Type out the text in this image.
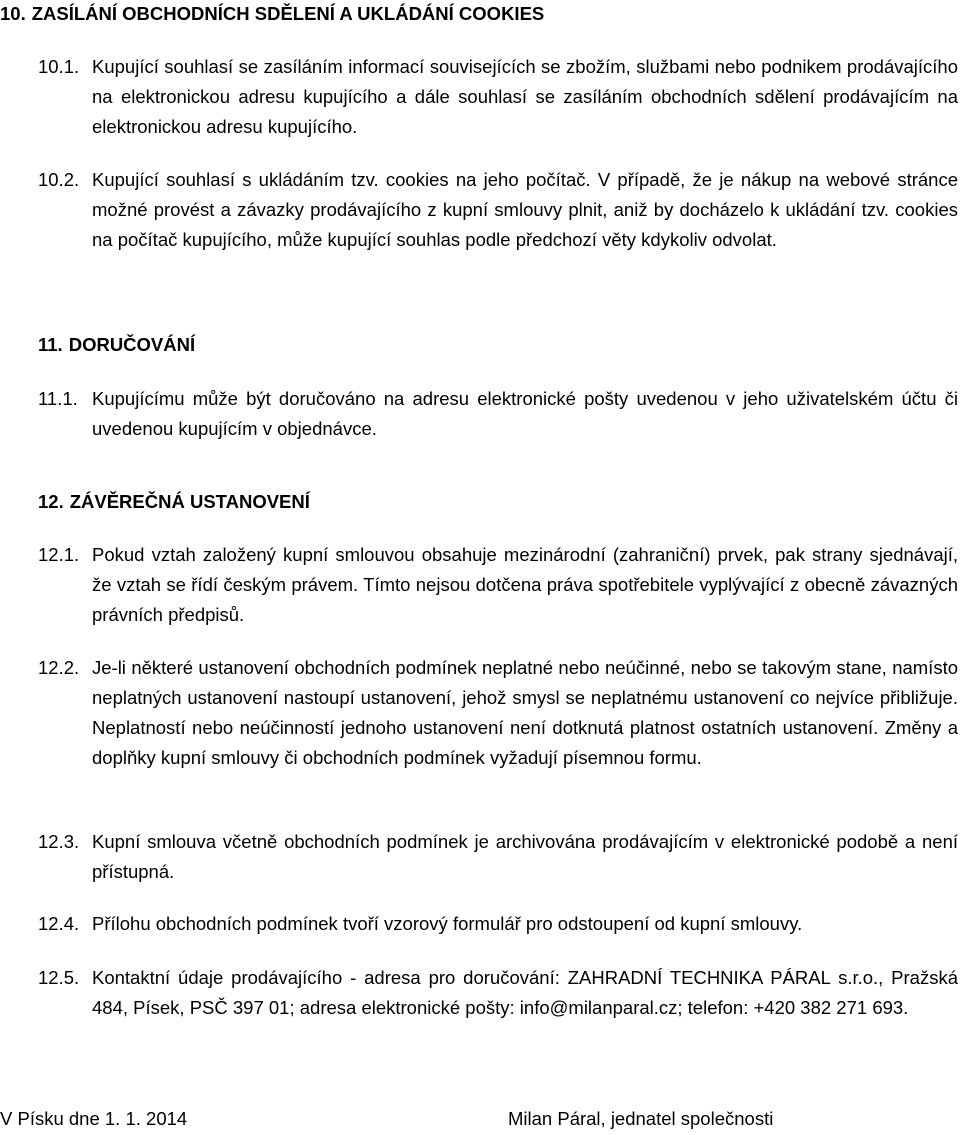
10. ZASÍLÁNÍ OBCHODNÍCH SDĚLENÍ A UKLÁDÁNÍ COOKIES
10.1. Kupující souhlasí se zasíláním informací souvisejících se zbožím, službami nebo podnikem prodávajícího na elektronickou adresu kupujícího a dále souhlasí se zasíláním obchodních sdělení prodávajícím na elektronickou adresu kupujícího.
10.2. Kupující souhlasí s ukládáním tzv. cookies na jeho počítač. V případě, že je nákup na webové stránce možné provést a závazky prodávajícího z kupní smlouvy plnit, aniž by docházelo k ukládání tzv. cookies na počítač kupujícího, může kupující souhlas podle předchozí věty kdykoliv odvolat.
11. DORUČOVÁNÍ
11.1. Kupujícímu může být doručováno na adresu elektronické pošty uvedenou v jeho uživatelském účtu či uvedenou kupujícím v objednávce.
12. ZÁVĚREČNÁ USTANOVENÍ
12.1. Pokud vztah založený kupní smlouvou obsahuje mezinárodní (zahraniční) prvek, pak strany sjednávají, že vztah se řídí českým právem. Tímto nejsou dotčena práva spotřebitele vyplývající z obecně závazných právních předpisů.
12.2. Je-li některé ustanovení obchodních podmínek neplatné nebo neúčinné, nebo se takovým stane, namísto neplatných ustanovení nastoupí ustanovení, jehož smysl se neplatnému ustanovení co nejvíce přibližuje. Neplatností nebo neúčinností jednoho ustanovení není dotknutá platnost ostatních ustanovení. Změny a doplňky kupní smlouvy či obchodních podmínek vyžadují písemnou formu.
12.3. Kupní smlouva včetně obchodních podmínek je archivována prodávajícím v elektronické podobě a není přístupná.
12.4. Přílohu obchodních podmínek tvoří vzorový formulář pro odstoupení od kupní smlouvy.
12.5. Kontaktní údaje prodávajícího - adresa pro doručování: ZAHRADNÍ TECHNIKA PÁRAL s.r.o., Pražská 484, Písek, PSČ 397 01; adresa elektronické pošty: info@milanparal.cz; telefon: +420 382 271 693.
V Písku dne 1. 1. 2014	Milan Páral, jednatel společnosti
